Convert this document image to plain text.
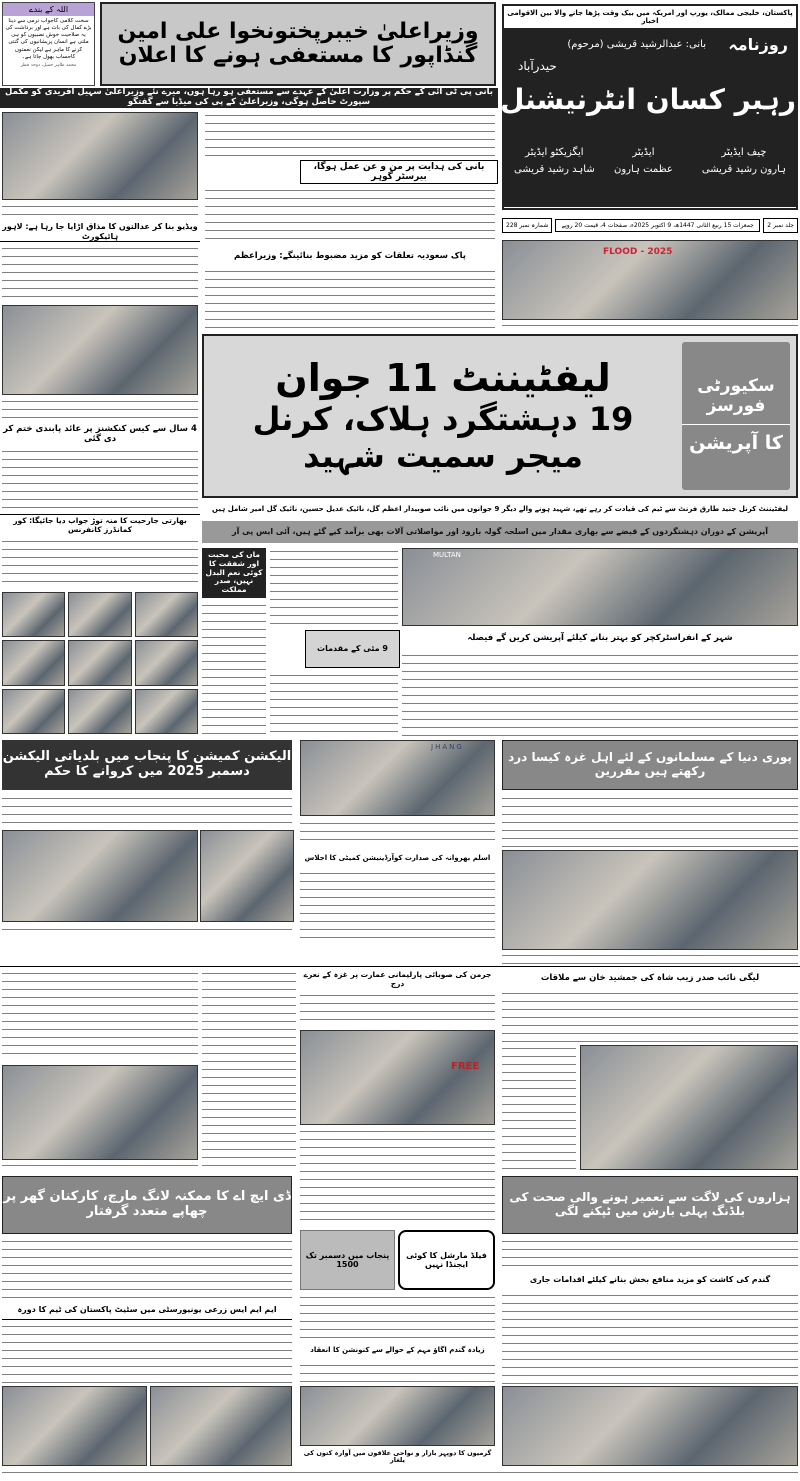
اللہ کے بندے
سخت کلامی کاجواب نرمی سے دینا بڑے کمال کی بات ہے اور برداشت کی یہ صلاحیت خوش نصیبوں کو ہی ملتی ہے انسان پریشانیوں کی گنتی کرنے کا ماہر ہے لیکن نعمتوں کاحساب بھول جاتا ہے۔
محمد طاہر جمیل، دوحہ قطر
وزیراعلیٰ خیبرپختونخوا علی امین گنڈاپور کا مستعفی ہونے کا اعلان
بانی پی ٹی آئی کے حکم پر وزارت اعلیٰ کے عہدے سے مستعفی ہو رہا ہوں، میرے نئے وزیراعلیٰ سہیل آفریدی کو مکمل سپورٹ حاصل ہوگی، وزیراعلیٰ کے پی کی میڈیا سے گفتگو
پاکستان، خلیجی ممالک، یورپ اور امریکہ میں بیک وقت پڑھا جانے والا بین الاقوامی اخبار
روزنامہ
بانی: عبدالرشید قریشی (مرحوم)
حیدرآباد
رہبر کسان انٹرنیشنل
چیف ایڈیٹر
ہارون رشید قریشی
ایڈیٹر
عظمت ہارون
ایگزیکٹو ایڈیٹر
شاہد رشید قریشی
جلد نمبر 2
جمعرات 15 ربیع الثانی 1447ھ، 9 اکتوبر 2025ء، صفحات 4، قیمت 20 روپے
شمارہ نمبر 228
FLOOD - 2025
ویڈیو بنا کر عدالتوں کا مذاق اڑایا جا رہا ہے: لاہور ہائیکورٹ
4 سال سے کیس کنکشنز پر عائد پابندی ختم کر دی گئی
بھارتی جارحیت کا منہ توڑ جواب دیا جائیگا: کور کمانڈرز کانفرنس
بانی کی ہدایت پر من و عن عمل ہوگا، بیرسٹر گوہر
پاک سعودیہ تعلقات کو مزید مضبوط بنائینگے: وزیراعظم
سکیورٹی فورسز
کا آپریشن
لیفٹیننٹ 11 جوان
19 دہشتگرد ہلاک، کرنل میجر سمیت شہید
لیفٹیننٹ کرنل جنید طارق فرنٹ سے ٹیم کی قیادت کر رہے تھے، شہید ہونے والے دیگر 9 جوانوں میں نائب صوبیدار اعظم گل، نائیک عدیل حسین، نائیک گل امیر شامل ہیں
آپریشن کے دوران دہشتگردوں کے قبضے سے بھاری مقدار میں اسلحہ گولہ بارود اور مواصلاتی آلات بھی برآمد کیے گئے ہیں، آئی ایس پی آر
ماں کی محبت اور شفقت کا کوئی نعم البدل نہیں، صدر مملکت
MULTAN
9 مئی کے مقدمات
شہر کے انفراسٹرکچر کو بہتر بنانے کیلئے آپریشن کریں گے فیصلہ
الیکشن کمیشن کا پنجاب میں بلدیاتی الیکشن دسمبر 2025 میں کروانے کا حکم
JHANG
پوری دنیا کے مسلمانوں کے لئے اہل غزہ کیسا درد رکھتے ہیں مقررین
اسلم بھروانہ کی صدارت کوآرڈینیشن کمیٹی کا اجلاس
جرمن کی صوبائی پارلیمانی عمارت پر غزہ کے نعرے درج
FREE
لیگی نائب صدر زیب شاہ کی جمشید خان سے ملاقات
ڈی ایچ اے کا ممکنہ لانگ مارچ، کارکنان گھر پر چھاپے متعدد گرفتار
ہزاروں کی لاگت سے تعمیر ہونے والی صحت کی بلڈنگ پہلی بارش میں ٹپکنے لگی
پنجاب میں دسمبر تک 1500
فیلڈ مارشل کا کوئی ایجنڈا نہیں
ایم ایم ایس زرعی یونیورسٹی میں سٹیٹ پاکستان کی ٹیم کا دورہ
زیادہ گندم اگاؤ مہم کے حوالے سے کنونشن کا انعقاد
گرمیوں کا دوپہر بازار و نواحی علاقوں میں آوارہ کتوں کی یلغار
گندم کی کاشت کو مزید منافع بخش بنانے کیلئے اقدامات جاری
